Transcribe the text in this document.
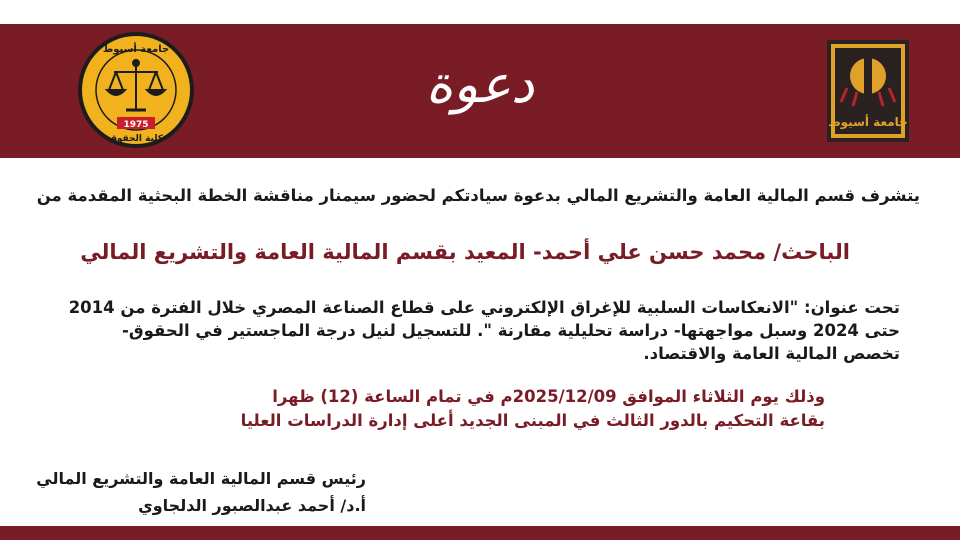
جامعة أسيوط
1975
كلية الحقوق
دعوة
جامعة أسيوط
يتشرف قسم المالية العامة والتشريع المالي بدعوة سيادتكم لحضور سيمنار مناقشة الخطة البحثية المقدمة من
الباحث/ محمد حسن علي أحمد- المعيد بقسم المالية العامة والتشريع المالي
تحت عنوان: "الانعكاسات السلبية للإغراق الإلكتروني على قطاع الصناعة المصري خلال الفترة من 2014
حتى 2024 وسبل مواجهتها- دراسة تحليلية مقارنة ". للتسجيل لنيل درجة الماجستير في الحقوق-
تخصص المالية العامة والاقتصاد.
وذلك يوم الثلاثاء الموافق 2025/12/09م في تمام الساعة (12) ظهرا
بقاعة التحكيم بالدور الثالث في المبنى الجديد أعلى إدارة الدراسات العليا
رئيس قسم المالية العامة والتشريع المالي
أ.د/ أحمد عبدالصبور الدلجاوي
